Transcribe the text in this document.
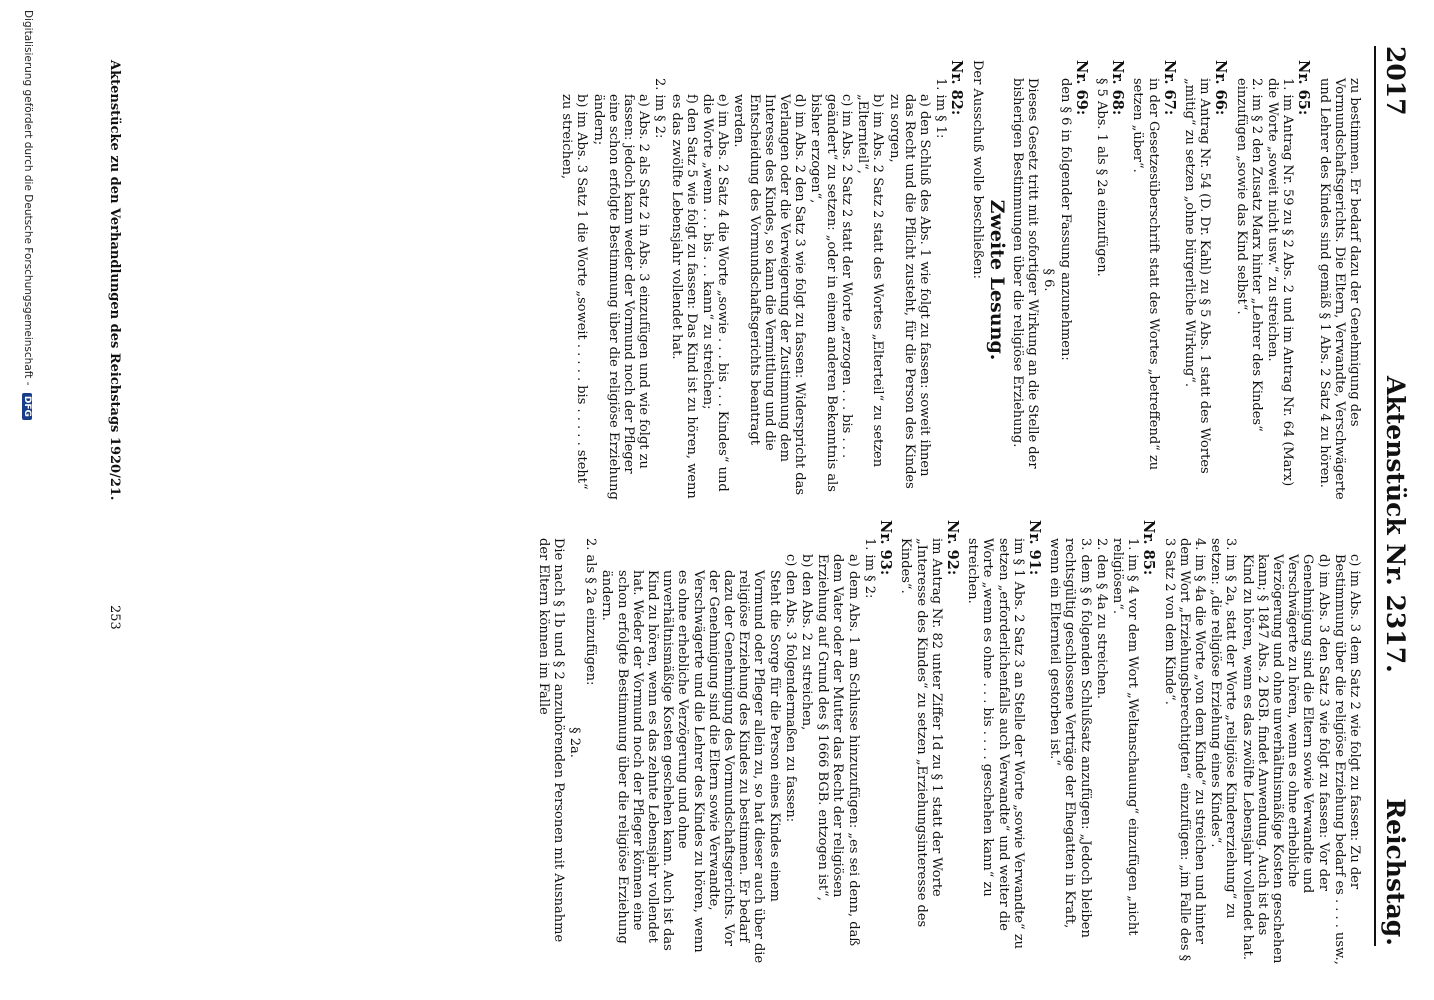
2017
Reichstag.
Aktenstück Nr. 2317.

zu bestimmen. Er bedarf dazu der Genehmigung des Vormundschaftsgerichts. Die Eltern, Verwandte, Verschwägerte und Lehrer des Kindes sind gemäß § 1 Abs. 2 Satz 4 zu hören.

Nr. 65:

1. im Antrag Nr. 59 zu § 2 Abs. 2 und im Antrag Nr. 64 (Marx) die Worte „soweit nicht usw.“ zu streichen.

2. im § 2 den Zusatz Marx hinter „Lehrer des Kindes“ einzufügen „sowie das Kind selbst“.

Nr. 66:

im Antrag Nr. 54 (D. Dr. Kahl) zu § 5 Abs. 1 statt des Wortes „mitig“ zu setzen „ohne bürgerliche Wirkung“.

Nr. 67:

in der Gesetzesüberschrift statt des Wortes „betreffend“ zu setzen „über“.

Nr. 68:

§ 5 Abs. 1 als § 2a einzufügen.

Nr. 69:

den § 6 in folgender Fassung anzunehmen:

§ 6.

Dieses Gesetz tritt mit sofortiger Wirkung an die Stelle der bisherigen Bestimmungen über die religiöse Erziehung.

Zweite Lesung.

Der Ausschuß wolle beschließen:

Nr. 82:

1. im § 1:

a) den Schluß des Abs. 1 wie folgt zu fassen: soweit ihnen das Recht und die Pflicht zusteht, für die Person des Kindes zu sorgen,

b) im Abs. 2 Satz 2 statt des Wortes „Elterteil“ zu setzen „Elternteil“,

c) im Abs. 2 Satz 2 statt der Worte „erzogen . . . bis . . . geändert“ zu setzen: „oder in einem anderen Bekenntnis als bisher erzogen“,

d) im Abs. 2 den Satz 3 wie folgt zu fassen: Widerspricht das Verlangen oder die Verweigerung der Zustimmung dem Interesse des Kindes, so kann die Vermittlung und die Entscheidung des Vormundschaftsgerichts beantragt werden.

e) im Abs. 2 Satz 4 die Worte „sowie . . . bis . . . Kindes“ und die Worte „wenn . . . bis . . . kann“ zu streichen;

f) den Satz 5 wie folgt zu fassen: Das Kind ist zu hören, wenn es das zwölfte Lebensjahr vollendet hat.

2. im § 2:

a) Abs. 2 als Satz 2 in Abs. 3 einzufügen und wie folgt zu fassen: jedoch kann weder der Vormund noch der Pfleger eine schon erfolgte Bestimmung über die religiöse Erziehung ändern;

b) im Abs. 3 Satz 1 die Worte „soweit . . . . . bis . . . . . steht“ zu streichen,

c) im Abs. 3 dem Satz 2 wie folgt zu fassen: Zu der Bestimmung über die religiöse Erziehung bedarf es . . . . usw.,

d) im Abs. 3 den Satz 3 wie folgt zu fassen: Vor der Genehmigung sind die Eltern sowie Verwandte und Verschwägerte zu hören, wenn es ohne erhebliche Verzögerung und ohne unverhältnismäßige Kosten geschehen kann; § 1847 Abs. 2 BGB. findet Anwendung. Auch ist das Kind zu hören, wenn es das zwölfte Lebensjahr vollendet hat.

3. im § 2a, statt der Worte „religiöse Kindererziehung“ zu setzen: „die religiöse Erziehung eines Kindes“.

4. im § 4a die Worte „von dem Kinde“ zu streichen und hinter dem Wort „Erziehungsberechtigten“ einzufügen: „im Falle des § 3 Satz 2 von dem Kinde“.

Nr. 85:

1. im § 4 vor dem Wort „Weltanschauung“ einzufügen „nicht religiösen“.

2. den § 4a zu streichen.

3. dem § 6 folgenden Schlußsatz anzufügen: „Jedoch bleiben rechtsgültig geschlossene Verträge der Ehegatten in Kraft, wenn ein Elternteil gestorben ist.“

Nr. 91:

im § 1 Abs. 2 Satz 3 an Stelle der Worte „sowie Verwandte“ zu setzen „erforderlichenfalls auch Verwandte“ und weiter die Worte „wenn es ohne . . . bis . . . . geschehen kann“ zu streichen.

Nr. 92:

im Antrag Nr. 82 unter Ziffer 1d zu § 1 statt der Worte „Interesse des Kindes“ zu setzen „Erziehungsinteresse des Kindes“.

Nr. 93:

1. im § 2:

a) dem Abs. 1 am Schlusse hinzuzufügen: „es sei denn, daß dem Vater oder der Mutter das Recht der religiösen Erziehung auf Grund des § 1666 BGB. entzogen ist“,

b) den Abs. 2 zu streichen,

c) den Abs. 3 folgendermaßen zu fassen:

Steht die Sorge für die Person eines Kindes einem Vormund oder Pfleger allein zu, so hat dieser auch über die religiöse Erziehung des Kindes zu bestimmen. Er bedarf dazu der Genehmigung des Vormundschaftsgerichts. Vor der Genehmigung sind die Eltern sowie Verwandte, Verschwägerte und die Lehrer des Kindes zu hören, wenn es ohne erhebliche Verzögerung und ohne unverhältnismäßige Kosten geschehen kann. Auch ist das Kind zu hören, wenn es das zehnte Lebensjahr vollendet hat. Weder der Vormund noch der Pfleger können eine schon erfolgte Bestimmung über die religiöse Erziehung ändern.

2. als § 2a einzufügen:

§ 2a.

Die nach § 1b und § 2 anzuhörenden Personen mit Ausnahme der Eltern können im Falle

Aktenstücke zu den Verhandlungen des Reichstags 1920/21.
253
Digitalisierung gefördert durch die Deutsche Forschungsgemeinschaft - DFG
